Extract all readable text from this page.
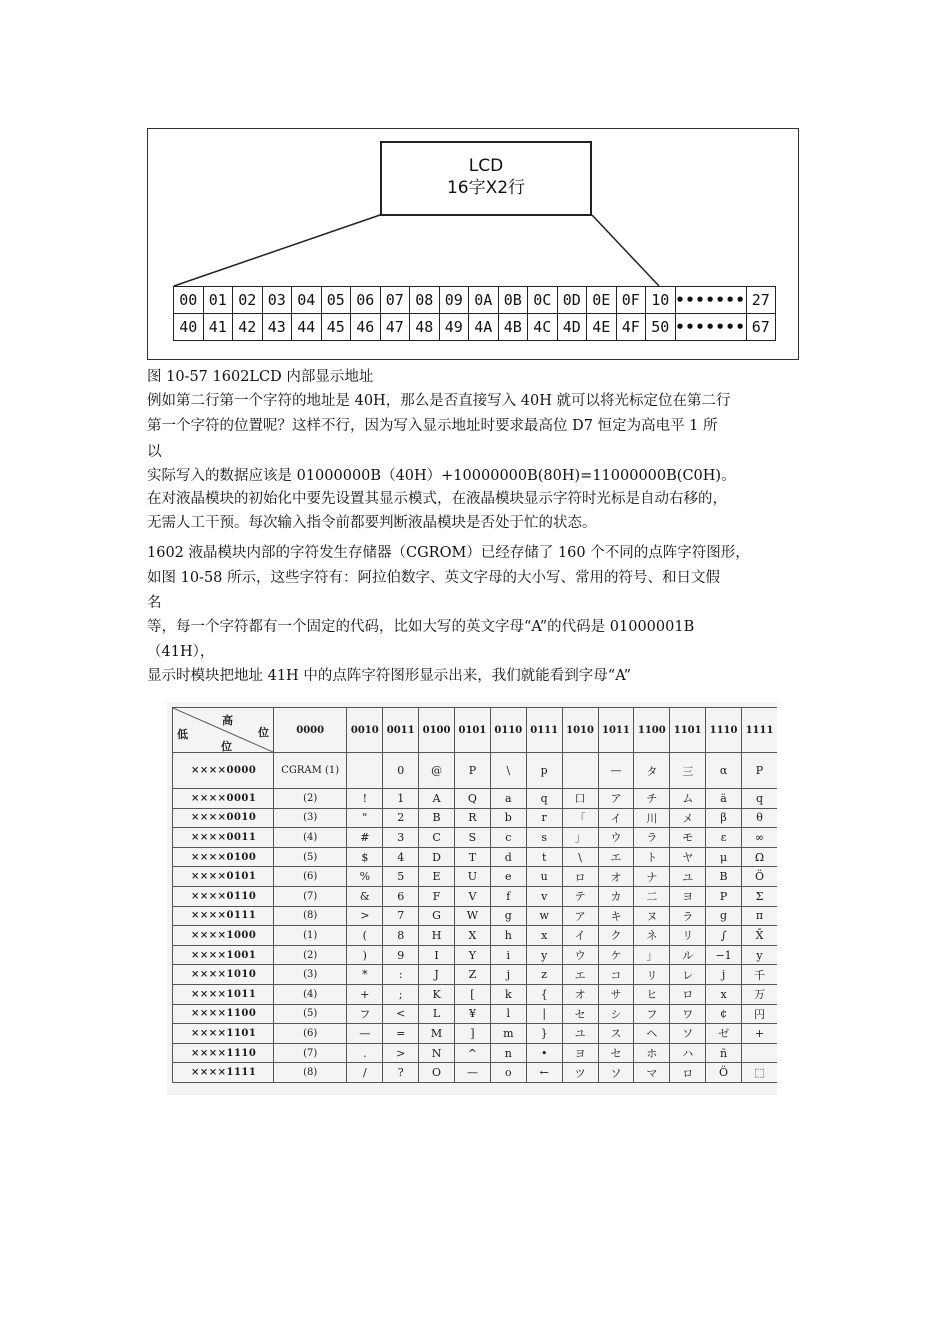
LCD
16字X2行
00	01	02	03	04	05	06	07	08	09	0A	0B	0C	0D	0E	0F	10	•••••••	27
40	41	42	43	44	45	46	47	48	49	4A	4B	4C	4D	4E	4F	50	•••••••	67
图 10-57 1602LCD 内部显示地址
例如第二行第一个字符的地址是 40H，那么是否直接写入 40H 就可以将光标定位在第二行
第一个字符的位置呢？这样不行，因为写入显示地址时要求最高位 D7 恒定为高电平 1 所
以
实际写入的数据应该是 01000000B（40H）+10000000B(80H)=11000000B(C0H)。
在对液晶模块的初始化中要先设置其显示模式，在液晶模块显示字符时光标是自动右移的，
无需人工干预。每次输入指令前都要判断液晶模块是否处于忙的状态。
1602 液晶模块内部的字符发生存储器（CGROM）已经存储了 160 个不同的点阵字符图形，
如图 10-58 所示，这些字符有：阿拉伯数字、英文字母的大小写、常用的符号、和日文假
名
等，每一个字符都有一个固定的代码，比如大写的英文字母“A”的代码是 01000001B
（41H），
显示时模块把地址 41H 中的点阵字符图形显示出来，我们就能看到字母“A”
高
位
低
位	0000	0010	0011	0100	0101	0110	0111	1010	1011	1100	1101	1110	1111
××××0000	CGRAM (1)		0	@	P	\	p		—	タ	三	α	P
××××0001	(2)	!	1	A	Q	a	q	口	ア	チ	ム	ä	q
××××0010	(3)	"	2	B	R	b	r	「	イ	川	メ	β	θ
××××0011	(4)	#	3	C	S	c	s	」	ウ	ラ	モ	ε	∞
××××0100	(5)	$	4	D	T	d	t	\	エ	ト	ヤ	μ	Ω
××××0101	(6)	%	5	E	U	e	u	ロ	オ	ナ	ユ	B	Ö
××××0110	(7)	&	6	F	V	f	v	テ	カ	二	ヨ	P	Σ
××××0111	(8)	>	7	G	W	g	w	ア	キ	ヌ	ラ	g	π
××××1000	(1)	(	8	H	X	h	x	イ	ク	ネ	リ	∫	X̄
××××1001	(2)	)	9	I	Y	i	y	ウ	ケ	」	ル	−1	y
××××1010	(3)	*	:	J	Z	j	z	エ	コ	リ	レ	j	千
××××1011	(4)	+	;	K	[	k	{	オ	サ	ヒ	ロ	x	万
××××1100	(5)	フ	<	L	¥	l	|	セ	シ	フ	ワ	¢	円
××××1101	(6)	—	=	M	]	m	}	ユ	ス	ヘ	ソ	ゼ	+
××××1110	(7)	.	>	N	^	n	•	ヨ	セ	ホ	ハ	ñ	
××××1111	(8)	/	?	O	—	o	←	ツ	ソ	マ	ロ	Ö	⬚
